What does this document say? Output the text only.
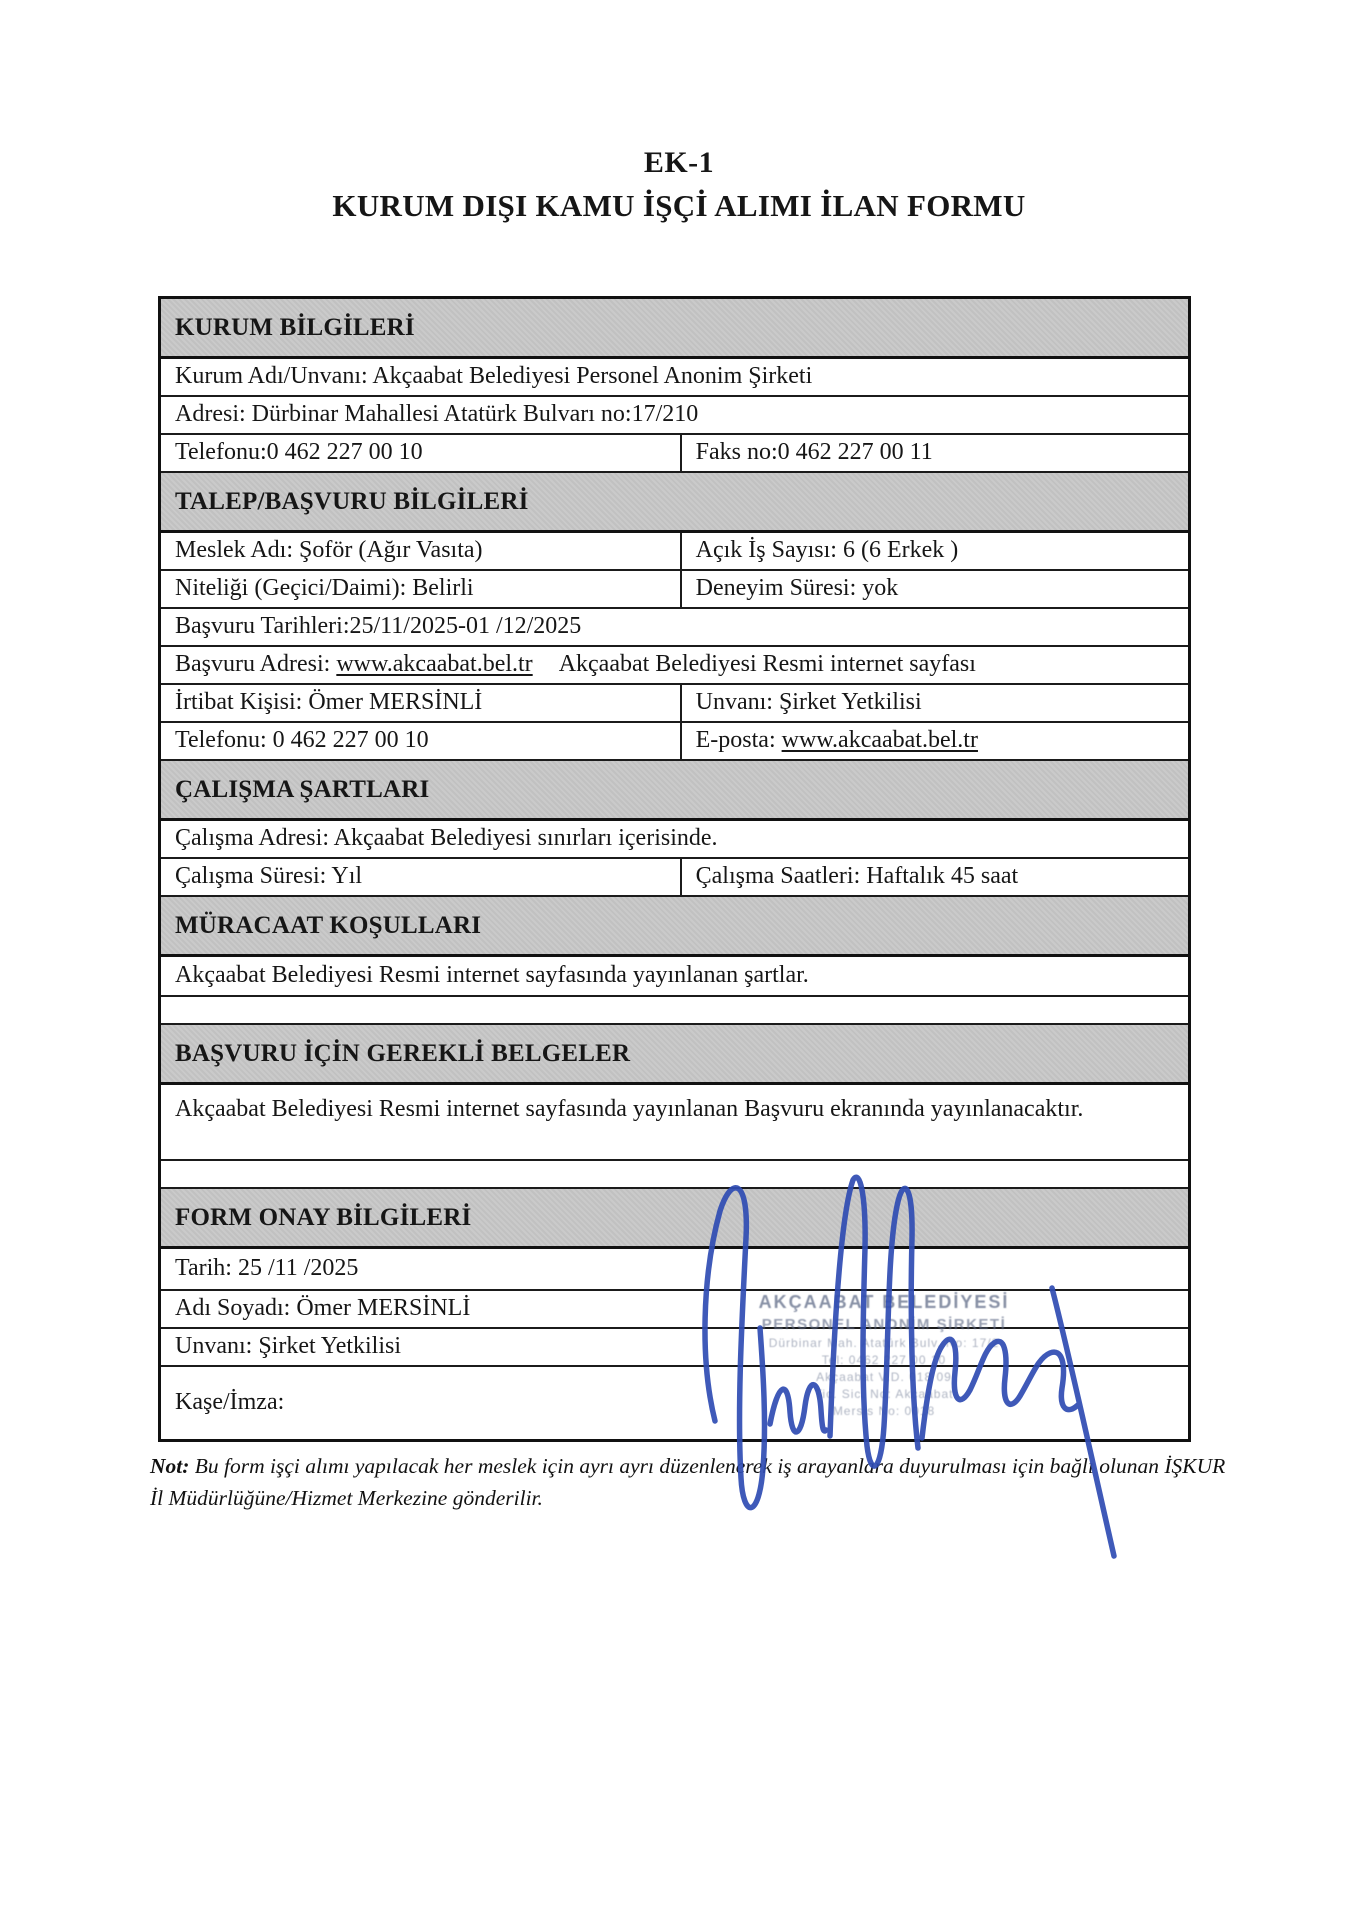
EK-1
KURUM DIŞI KAMU İŞÇİ ALIMI İLAN FORMU
KURUM BİLGİLERİ
Kurum Adı/Unvanı: Akçaabat Belediyesi Personel Anonim Şirketi
Adresi: Dürbinar Mahallesi Atatürk Bulvarı no:17/210
Telefonu:0 462 227 00 10	Faks no:0 462 227 00 11
TALEP/BAŞVURU BİLGİLERİ
Meslek Adı: Şoför (Ağır Vasıta)	Açık İş Sayısı: 6 (6 Erkek )
Niteliği (Geçici/Daimi): Belirli	Deneyim Süresi: yok
Başvuru Tarihleri:25/11/2025-01 /12/2025
Başvuru Adresi: www.akcaabat.bel.tr Akçaabat Belediyesi Resmi internet sayfası
İrtibat Kişisi: Ömer MERSİNLİ	Unvanı: Şirket Yetkilisi
Telefonu: 0 462 227 00 10	E-posta: www.akcaabat.bel.tr
ÇALIŞMA ŞARTLARI
Çalışma Adresi: Akçaabat Belediyesi sınırları içerisinde.
Çalışma Süresi: Yıl	Çalışma Saatleri: Haftalık 45 saat
MÜRACAAT KOŞULLARI
Akçaabat Belediyesi Resmi internet sayfasında yayınlanan şartlar.
BAŞVURU İÇİN GEREKLİ BELGELER
Akçaabat Belediyesi Resmi internet sayfasında yayınlanan Başvuru ekranında yayınlanacaktır.
FORM ONAY BİLGİLERİ
Tarih: 25 /11 /2025
Adı Soyadı: Ömer MERSİNLİ
Unvanı: Şirket Yetkilisi
Kaşe/İmza:
AKÇAABAT BELEDİYESİ
PERSONEL ANONİM ŞİRKETİ
Dürbinar Mah. Atatürk Bulv. No: 17/2
Tel: 0462 227 00 10
Akçaabat V.D. 018 09
Tic. Sic. No: Akçaabat
Mersis No: 0018
Not: Bu form işçi alımı yapılacak her meslek için ayrı ayrı düzenlenerek iş arayanlara duyurulması için bağlı olunan İŞKUR İl Müdürlüğüne/Hizmet Merkezine gönderilir.
